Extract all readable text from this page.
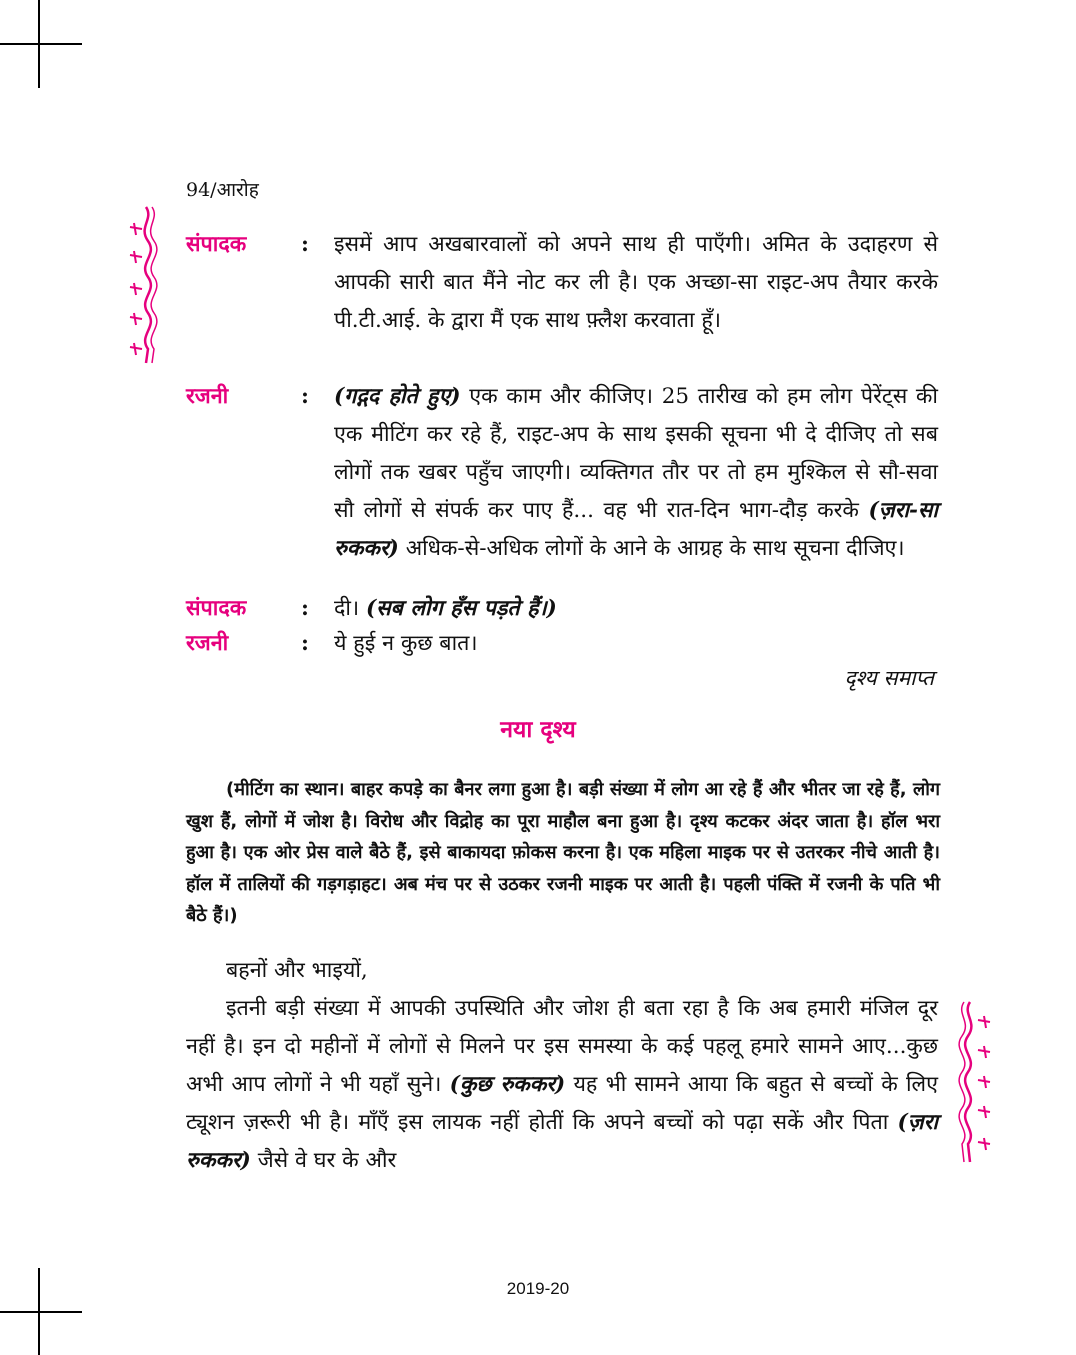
94/आरोह
संपादक	: इसमें आप अखबारवालों को अपने साथ ही पाएँगी। अमित के उदाहरण से आपकी सारी बात मैंने नोट कर ली है। एक अच्छा-सा राइट-अप तैयार करके पी.टी.आई. के द्वारा मैं एक साथ फ़्लैश करवाता हूँ।
रजनी	: (गद्गद होते हुए) एक काम और कीजिए। 25 तारीख को हम लोग पेरेंट्स की एक मीटिंग कर रहे हैं, राइट-अप के साथ इसकी सूचना भी दे दीजिए तो सब लोगों तक खबर पहुँच जाएगी। व्यक्तिगत तौर पर तो हम मुश्किल से सौ-सवा सौ लोगों से संपर्क कर पाए हैं... वह भी रात-दिन भाग-दौड़ करके (ज़रा-सा रुककर) अधिक-से-अधिक लोगों के आने के आग्रह के साथ सूचना दीजिए।
संपादक	: दी। (सब लोग हँस पड़ते हैं।)
रजनी	: ये हुई न कुछ बात।
दृश्य समाप्त
नया दृश्य
(मीटिंग का स्थान। बाहर कपड़े का बैनर लगा हुआ है। बड़ी संख्या में लोग आ रहे हैं और भीतर जा रहे हैं, लोग खुश हैं, लोगों में जोश है। विरोध और विद्रोह का पूरा माहौल बना हुआ है। दृश्य कटकर अंदर जाता है। हॉल भरा हुआ है। एक ओर प्रेस वाले बैठे हैं, इसे बाकायदा फ़ोकस करना है। एक महिला माइक पर से उतरकर नीचे आती है। हॉल में तालियों की गड़गड़ाहट। अब मंच पर से उठकर रजनी माइक पर आती है। पहली पंक्ति में रजनी के पति भी बैठे हैं।)
बहनों और भाइयों,
इतनी बड़ी संख्या में आपकी उपस्थिति और जोश ही बता रहा है कि अब हमारी मंजिल दूर नहीं है। इन दो महीनों में लोगों से मिलने पर इस समस्या के कई पहलू हमारे सामने आए...कुछ अभी आप लोगों ने भी यहाँ सुने। (कुछ रुककर) यह भी सामने आया कि बहुत से बच्चों के लिए ट्यूशन ज़रूरी भी है। माँएँ इस लायक नहीं होतीं कि अपने बच्चों को पढ़ा सकें और पिता (ज़रा रुककर) जैसे वे घर के और
2019-20
